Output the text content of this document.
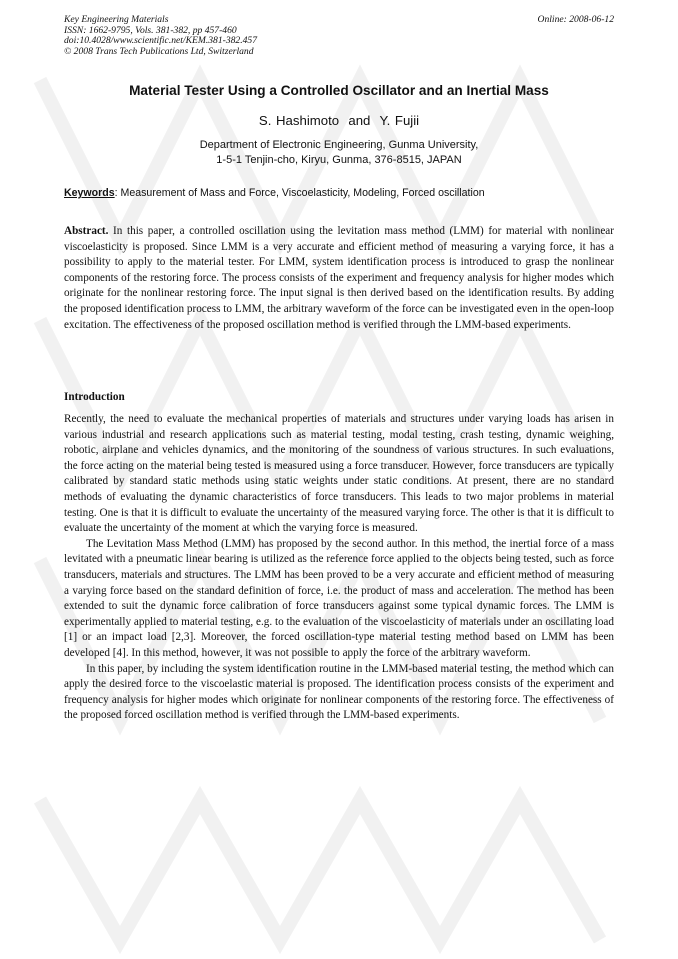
Key Engineering Materials
ISSN: 1662-9795, Vols. 381-382, pp 457-460
doi:10.4028/www.scientific.net/KEM.381-382.457
© 2008 Trans Tech Publications Ltd, Switzerland
Online: 2008-06-12
Material Tester Using a Controlled Oscillator and an Inertial Mass
S. Hashimoto  and  Y. Fujii
Department of Electronic Engineering, Gunma University,
1-5-1 Tenjin-cho, Kiryu, Gunma, 376-8515, JAPAN
Keywords: Measurement of Mass and Force, Viscoelasticity, Modeling, Forced oscillation
Abstract. In this paper, a controlled oscillation using the levitation mass method (LMM) for material with nonlinear viscoelasticity is proposed. Since LMM is a very accurate and efficient method of measuring a varying force, it has a possibility to apply to the material tester. For LMM, system identification process is introduced to grasp the nonlinear components of the restoring force. The process consists of the experiment and frequency analysis for higher modes which originate for the nonlinear restoring force. The input signal is then derived based on the identification results. By adding the proposed identification process to LMM, the arbitrary waveform of the force can be investigated even in the open-loop excitation. The effectiveness of the proposed oscillation method is verified through the LMM-based experiments.
Introduction

Recently, the need to evaluate the mechanical properties of materials and structures under varying loads has arisen in various industrial and research applications such as material testing, modal testing, crash testing, dynamic weighing, robotic, airplane and vehicles dynamics, and the monitoring of the soundness of various structures. In such evaluations, the force acting on the material being tested is measured using a force transducer. However, force transducers are typically calibrated by standard static methods using static weights under static conditions. At present, there are no standard methods of evaluating the dynamic characteristics of force transducers. This leads to two major problems in material testing. One is that it is difficult to evaluate the uncertainty of the measured varying force. The other is that it is difficult to evaluate the uncertainty of the moment at which the varying force is measured.

The Levitation Mass Method (LMM) has proposed by the second author. In this method, the inertial force of a mass levitated with a pneumatic linear bearing is utilized as the reference force applied to the objects being tested, such as force transducers, materials and structures. The LMM has been proved to be a very accurate and efficient method of measuring a varying force based on the standard definition of force, i.e. the product of mass and acceleration. The method has been extended to suit the dynamic force calibration of force transducers against some typical dynamic forces. The LMM is experimentally applied to material testing, e.g. to the evaluation of the viscoelasticity of materials under an oscillating load [1] or an impact load [2,3]. Moreover, the forced oscillation-type material testing method based on LMM has been developed [4]. In this method, however, it was not possible to apply the force of the arbitrary waveform.

In this paper, by including the system identification routine in the LMM-based material testing, the method which can apply the desired force to the viscoelastic material is proposed. The identification process consists of the experiment and frequency analysis for higher modes which originate for nonlinear components of the restoring force. The effectiveness of the proposed forced oscillation method is verified through the LMM-based experiments.
